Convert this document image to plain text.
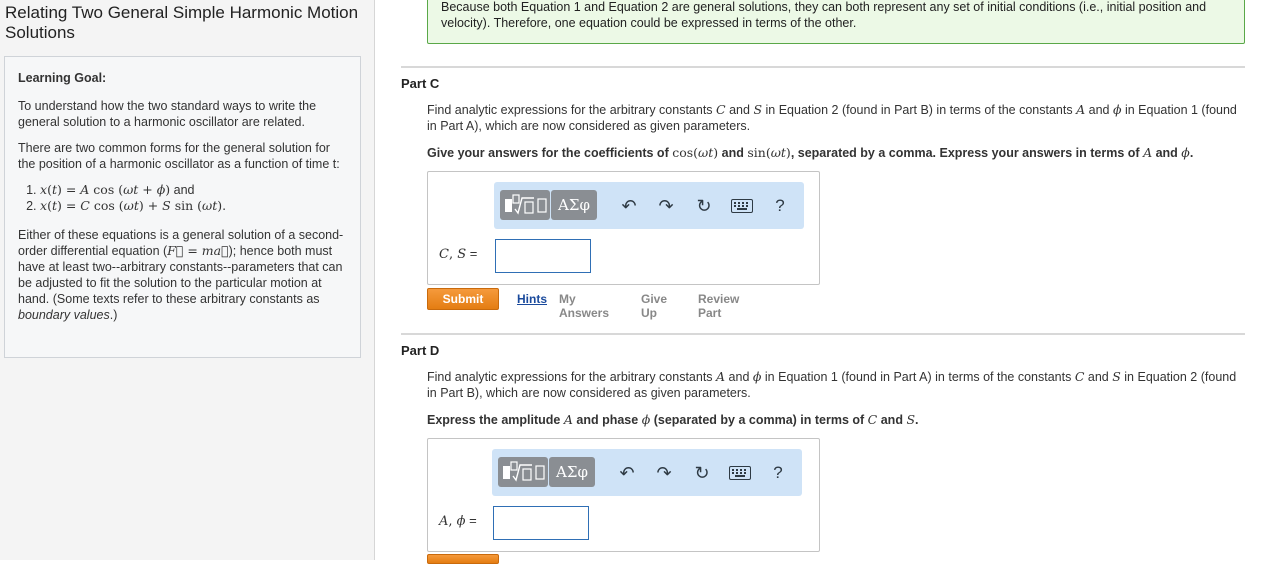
Relating Two General Simple Harmonic Motion Solutions
Learning Goal:

To understand how the two standard ways to write the general solution to a harmonic oscillator are related.

There are two common forms for the general solution for the position of a harmonic oscillator as a function of time t:

1. x(t) = A cos (ωt + ϕ) and
2. x(t) = C cos (ωt) + S sin (ωt).

Either of these equations is a general solution of a second-order differential equation (F⃗ = ma⃗); hence both must have at least two--arbitrary constants--parameters that can be adjusted to fit the solution to the particular motion at hand. (Some texts refer to these arbitrary constants as boundary values.)

Because both Equation 1 and Equation 2 are general solutions, they can both represent any set of initial conditions (i.e., initial position and velocity). Therefore, one equation could be expressed in terms of the other.
Part C
Find analytic expressions for the arbitrary constants C and S in Equation 2 (found in Part B) in terms of the constants A and ϕ in Equation 1 (found in Part A), which are now considered as given parameters.
Give your answers for the coefficients of cos(ωt) and sin(ωt), separated by a comma. Express your answers in terms of A and ϕ.
ΑΣφ	↶ ↷ ↻	?
C, S =
Submit	Hints My Answers
Give Up
Review Part
Part D
Find analytic expressions for the arbitrary constants A and ϕ in Equation 1 (found in Part A) in terms of the constants C and S in Equation 2 (found in Part B), which are now considered as given parameters.
Express the amplitude A and phase ϕ (separated by a comma) in terms of C and S.
ΑΣφ	↶ ↷ ↻	?
A, ϕ =
